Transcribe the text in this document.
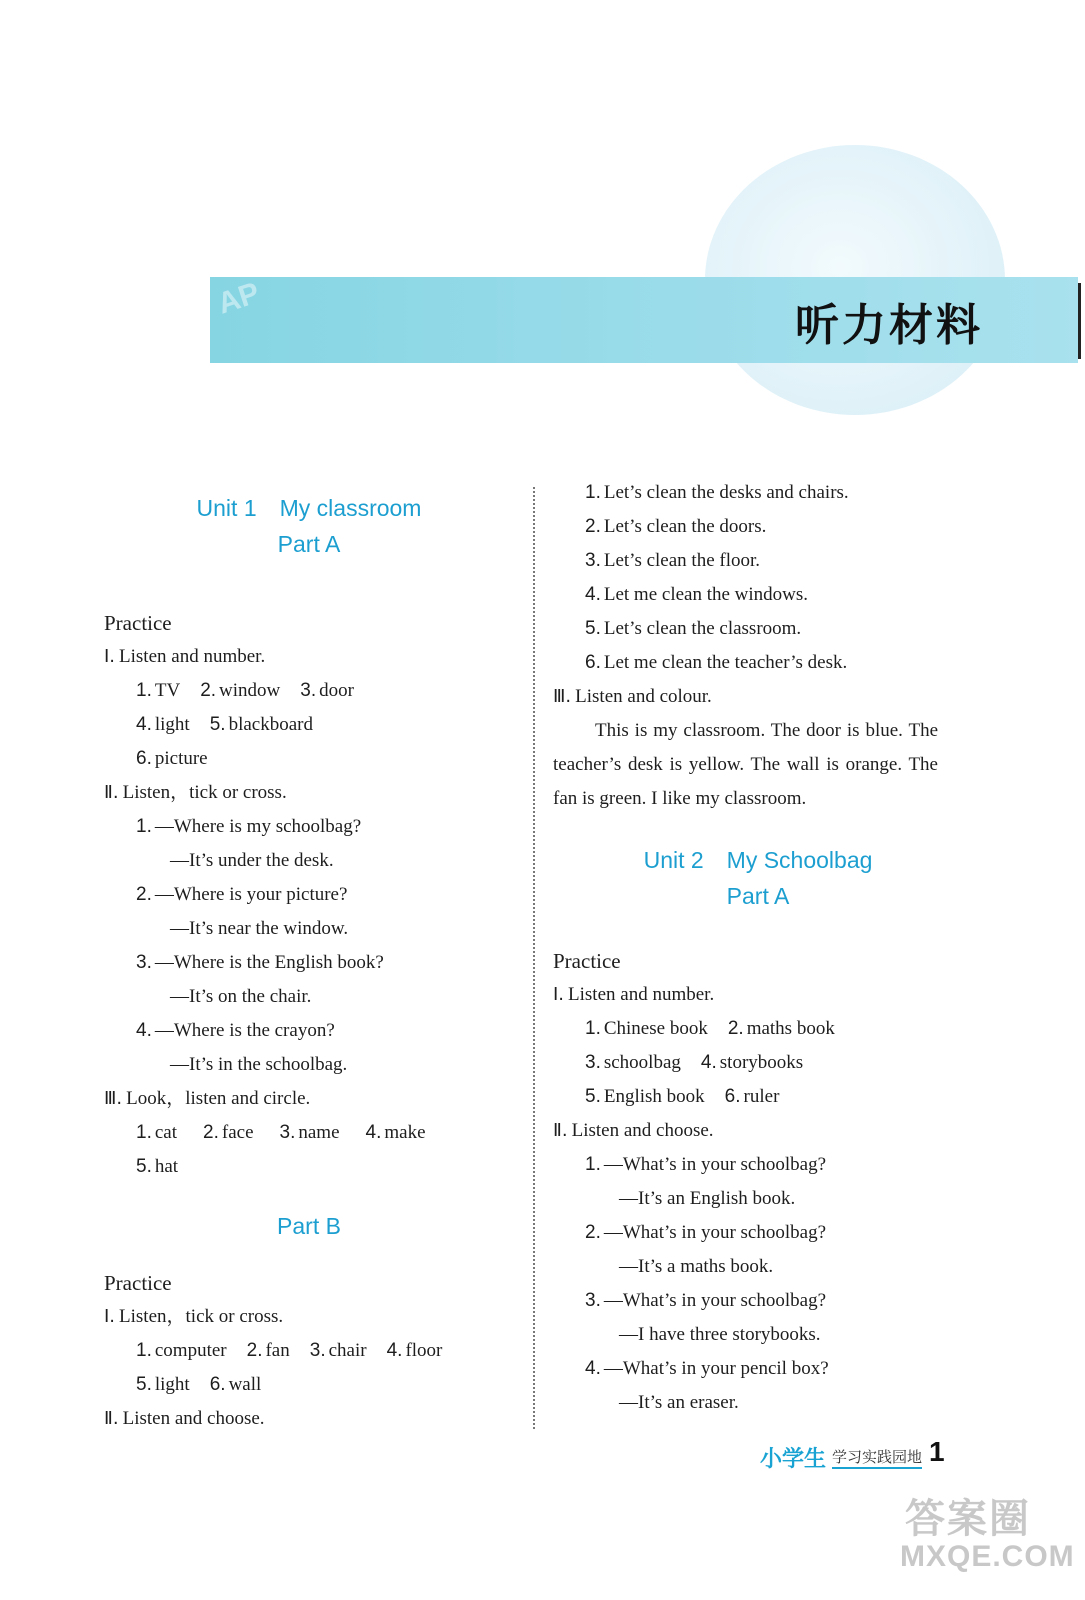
AP
听力材料
Unit 1　My classroom
Part A
Practice
Ⅰ. Listen and number.
1. TV 2. window 3. door
4. light 5. blackboard
6. picture
Ⅱ. Listen，tick or cross.
1. —Where is my schoolbag?
—It’s under the desk.
2. —Where is your picture?
—It’s near the window.
3. —Where is the English book?
—It’s on the chair.
4. —Where is the crayon?
—It’s in the schoolbag.
Ⅲ. Look，listen and circle.
1. cat 2. face 3. name 4. make
5. hat
Part B
Practice
Ⅰ. Listen，tick or cross.
1. computer 2. fan 3. chair 4. floor
5. light 6. wall
Ⅱ. Listen and choose.
1. Let’s clean the desks and chairs.
2. Let’s clean the doors.
3. Let’s clean the floor.
4. Let me clean the windows.
5. Let’s clean the classroom.
6. Let me clean the teacher’s desk.
Ⅲ. Listen and colour.
This is my classroom. The door is blue. The teacher’s desk is yellow. The wall is orange. The fan is green. I like my classroom.
Unit 2　My Schoolbag
Part A
Practice
Ⅰ. Listen and number.
1. Chinese book 2. maths book
3. schoolbag 4. storybooks
5. English book 6. ruler
Ⅱ. Listen and choose.
1. —What’s in your schoolbag?
—It’s an English book.
2. —What’s in your schoolbag?
—It’s a maths book.
3. —What’s in your schoolbag?
—I have three storybooks.
4. —What’s in your pencil box?
—It’s an eraser.
小学生 学习实践园地 1
答案圈
MXQE.COM
